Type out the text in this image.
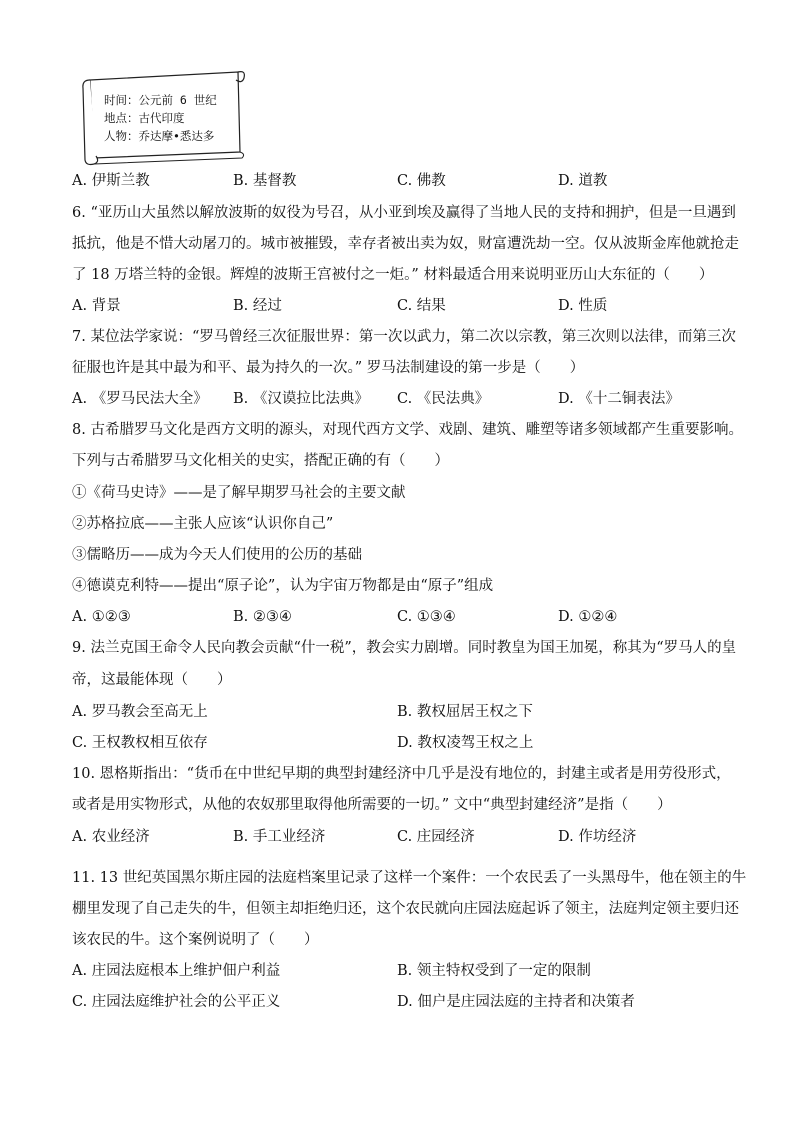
时间：公元前 6 世纪
地点：古代印度
人物：乔达摩•悉达多
A. 伊斯兰教	B. 基督教	C. 佛教	D. 道教
6. “亚历山大虽然以解放波斯的奴役为号召，从小亚到埃及赢得了当地人民的支持和拥护，但是一旦遇到
抵抗，他是不惜大动屠刀的。城市被摧毁，幸存者被出卖为奴，财富遭洗劫一空。仅从波斯金库他就抢走
了 18 万塔兰特的金银。辉煌的波斯王宫被付之一炬。” 材料最适合用来说明亚历山大东征的（　　）
A. 背景	B. 经过	C. 结果	D. 性质
7. 某位法学家说：“罗马曾经三次征服世界：第一次以武力，第二次以宗教，第三次则以法律，而第三次
征服也许是其中最为和平、最为持久的一次。” 罗马法制建设的第一步是（　　）
A. 《罗马民法大全》 B. 《汉谟拉比法典》 C. 《民法典》	D. 《十二铜表法》
8. 古希腊罗马文化是西方文明的源头，对现代西方文学、戏剧、建筑、雕塑等诸多领域都产生重要影响。
下列与古希腊罗马文化相关的史实，搭配正确的有（　　）
①《荷马史诗》——是了解早期罗马社会的主要文献
②苏格拉底——主张人应该“认识你自己”
③儒略历——成为今天人们使用的公历的基础
④德谟克利特——提出“原子论”，认为宇宙万物都是由“原子”组成
A. ①②③	B. ②③④	C. ①③④	D. ①②④
9. 法兰克国王命令人民向教会贡献“什一税”，教会实力剧增。同时教皇为国王加冕，称其为“罗马人的皇
帝，这最能体现（　　）
A. 罗马教会至高无上	B. 教权屈居王权之下
C. 王权教权相互依存	D. 教权凌驾王权之上
10. 恩格斯指出：“货币在中世纪早期的典型封建经济中几乎是没有地位的，封建主或者是用劳役形式，
或者是用实物形式，从他的农奴那里取得他所需要的一切。” 文中“典型封建经济”是指（　　）
A. 农业经济	B. 手工业经济	C. 庄园经济	D. 作坊经济
11. 13 世纪英国黑尔斯庄园的法庭档案里记录了这样一个案件：一个农民丢了一头黑母牛，他在领主的牛
棚里发现了自己走失的牛，但领主却拒绝归还，这个农民就向庄园法庭起诉了领主，法庭判定领主要归还
该农民的牛。这个案例说明了（　　）
A. 庄园法庭根本上维护佃户利益	B. 领主特权受到了一定的限制
C. 庄园法庭维护社会的公平正义	D. 佃户是庄园法庭的主持者和决策者
